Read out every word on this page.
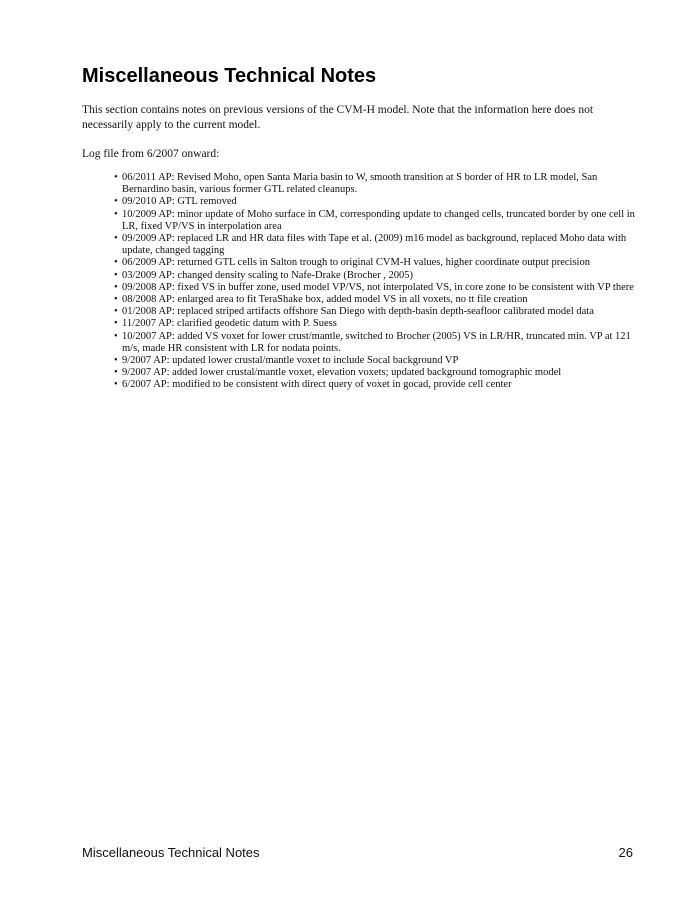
Miscellaneous Technical Notes

This section contains notes on previous versions of the CVM-H model. Note that the information here does not necessarily apply to the current model.

Log file from 6/2007 onward:

• 06/2011 AP: Revised Moho, open Santa Maria basin to W, smooth transition at S border of HR to LR model, San Bernardino basin, various former GTL related cleanups.
• 09/2010 AP: GTL removed
• 10/2009 AP: minor update of Moho surface in CM, corresponding update to changed cells, truncated border by one cell in LR, fixed VP/VS in interpolation area
• 09/2009 AP: replaced LR and HR data files with Tape et al. (2009) m16 model as background, replaced Moho data with update, changed tagging
• 06/2009 AP: returned GTL cells in Salton trough to original CVM-H values, higher coordinate output precision
• 03/2009 AP: changed density scaling to Nafe-Drake (Brocher , 2005)
• 09/2008 AP: fixed VS in buffer zone, used model VP/VS, not interpolated VS, in core zone to be consistent with VP there
• 08/2008 AP: enlarged area to fit TeraShake box, added model VS in all voxets, no tt file creation
• 01/2008 AP: replaced striped artifacts offshore San Diego with depth-basin depth-seafloor calibrated model data
• 11/2007 AP: clarified geodetic datum with P. Suess
• 10/2007 AP: added VS voxet for lower crust/mantle, switched to Brocher (2005) VS in LR/HR, truncated min. VP at 121 m/s, made HR consistent with LR for nodata points.
• 9/2007 AP: updated lower crustal/mantle voxet to include Socal background VP
• 9/2007 AP: added lower crustal/mantle voxet, elevation voxets; updated background tomographic model
• 6/2007 AP: modified to be consistent with direct query of voxet in gocad, provide cell center
Miscellaneous Technical Notes	26
